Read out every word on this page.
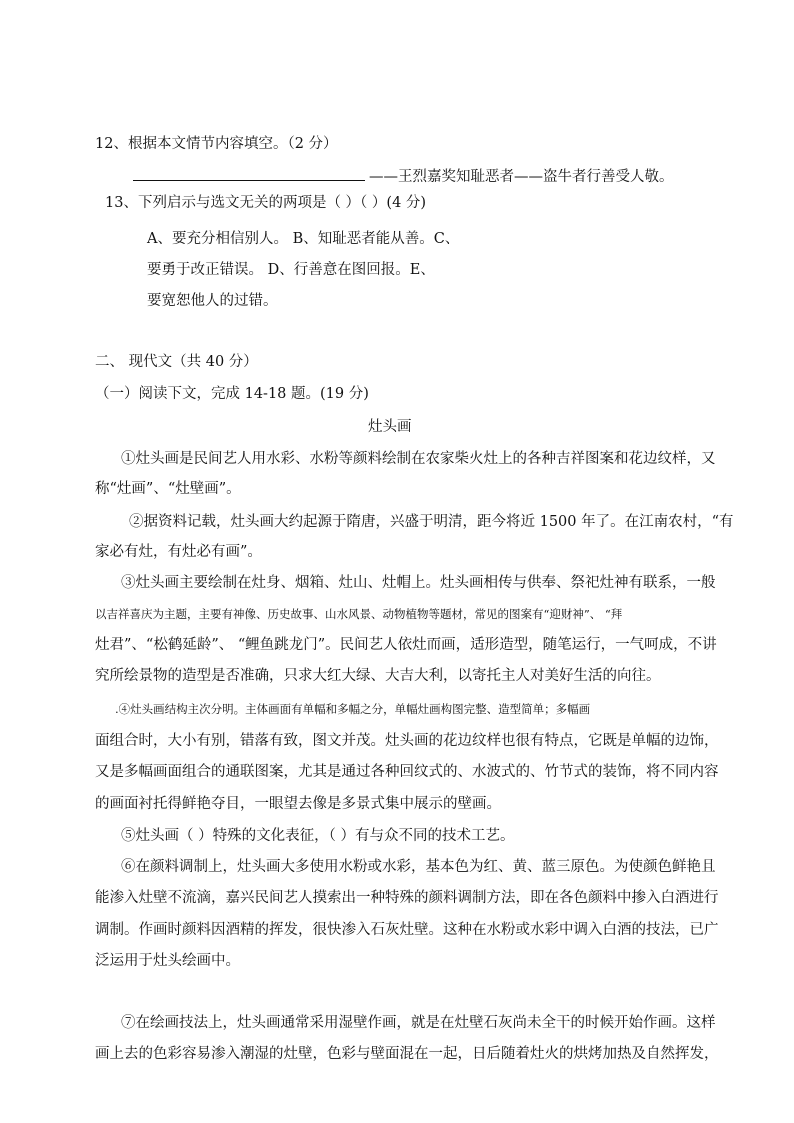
12、根据本文情节内容填空。（2 分）
——王烈嘉奖知耻恶者——盗牛者行善受人敬。
13、下列启示与选文无关的两项是（ ）（ ）(4 分)
A、要充分相信别人。 B、知耻恶者能从善。C、
要勇于改正错误。 D、行善意在图回报。E、
要宽恕他人的过错。
二、 现代文（共 40 分）
（一）阅读下文，完成 14-18 题。(19 分)
灶头画
①灶头画是民间艺人用水彩、水粉等颜料绘制在农家柴火灶上的各种吉祥图案和花边纹样，又
称“灶画”、“灶壁画”。
②据资料记载，灶头画大约起源于隋唐，兴盛于明清，距今将近 1500 年了。在江南农村，“有
家必有灶，有灶必有画”。
③灶头画主要绘制在灶身、烟箱、灶山、灶帽上。灶头画相传与供奉、祭祀灶神有联系，一般
以吉祥喜庆为主题，主要有神像、历史故事、山水风景、动物植物等题材，常见的图案有“迎财神”、 “拜
灶君”、“松鹤延龄”、 “鲤鱼跳龙门”。民间艺人依灶而画，适形造型，随笔运行，一气呵成，不讲
究所绘景物的造型是否准确，只求大红大绿、大吉大利，以寄托主人对美好生活的向往。
.④灶头画结构主次分明。主体画面有单幅和多幅之分，单幅灶画构图完整、造型简单；多幅画
面组合时，大小有别，错落有致，图文并茂。灶头画的花边纹样也很有特点，它既是单幅的边饰，
又是多幅画面组合的通联图案，尤其是通过各种回纹式的、水波式的、竹节式的装饰，将不同内容
的画面衬托得鲜艳夺目，一眼望去像是多景式集中展示的壁画。
⑤灶头画（ ）特殊的文化表征，（ ）有与众不同的技术工艺。
⑥在颜料调制上，灶头画大多使用水粉或水彩，基本色为红、黄、蓝三原色。为使颜色鲜艳且
能渗入灶壁不流滴，嘉兴民间艺人摸索出一种特殊的颜料调制方法，即在各色颜料中掺入白酒进行
调制。作画时颜料因酒精的挥发，很快渗入石灰灶壁。这种在水粉或水彩中调入白酒的技法，已广
泛运用于灶头绘画中。
⑦在绘画技法上，灶头画通常采用湿壁作画，就是在灶壁石灰尚未全干的时候开始作画。这样
画上去的色彩容易渗入潮湿的灶壁，色彩与壁面混在一起，日后随着灶火的烘烤加热及自然挥发，
